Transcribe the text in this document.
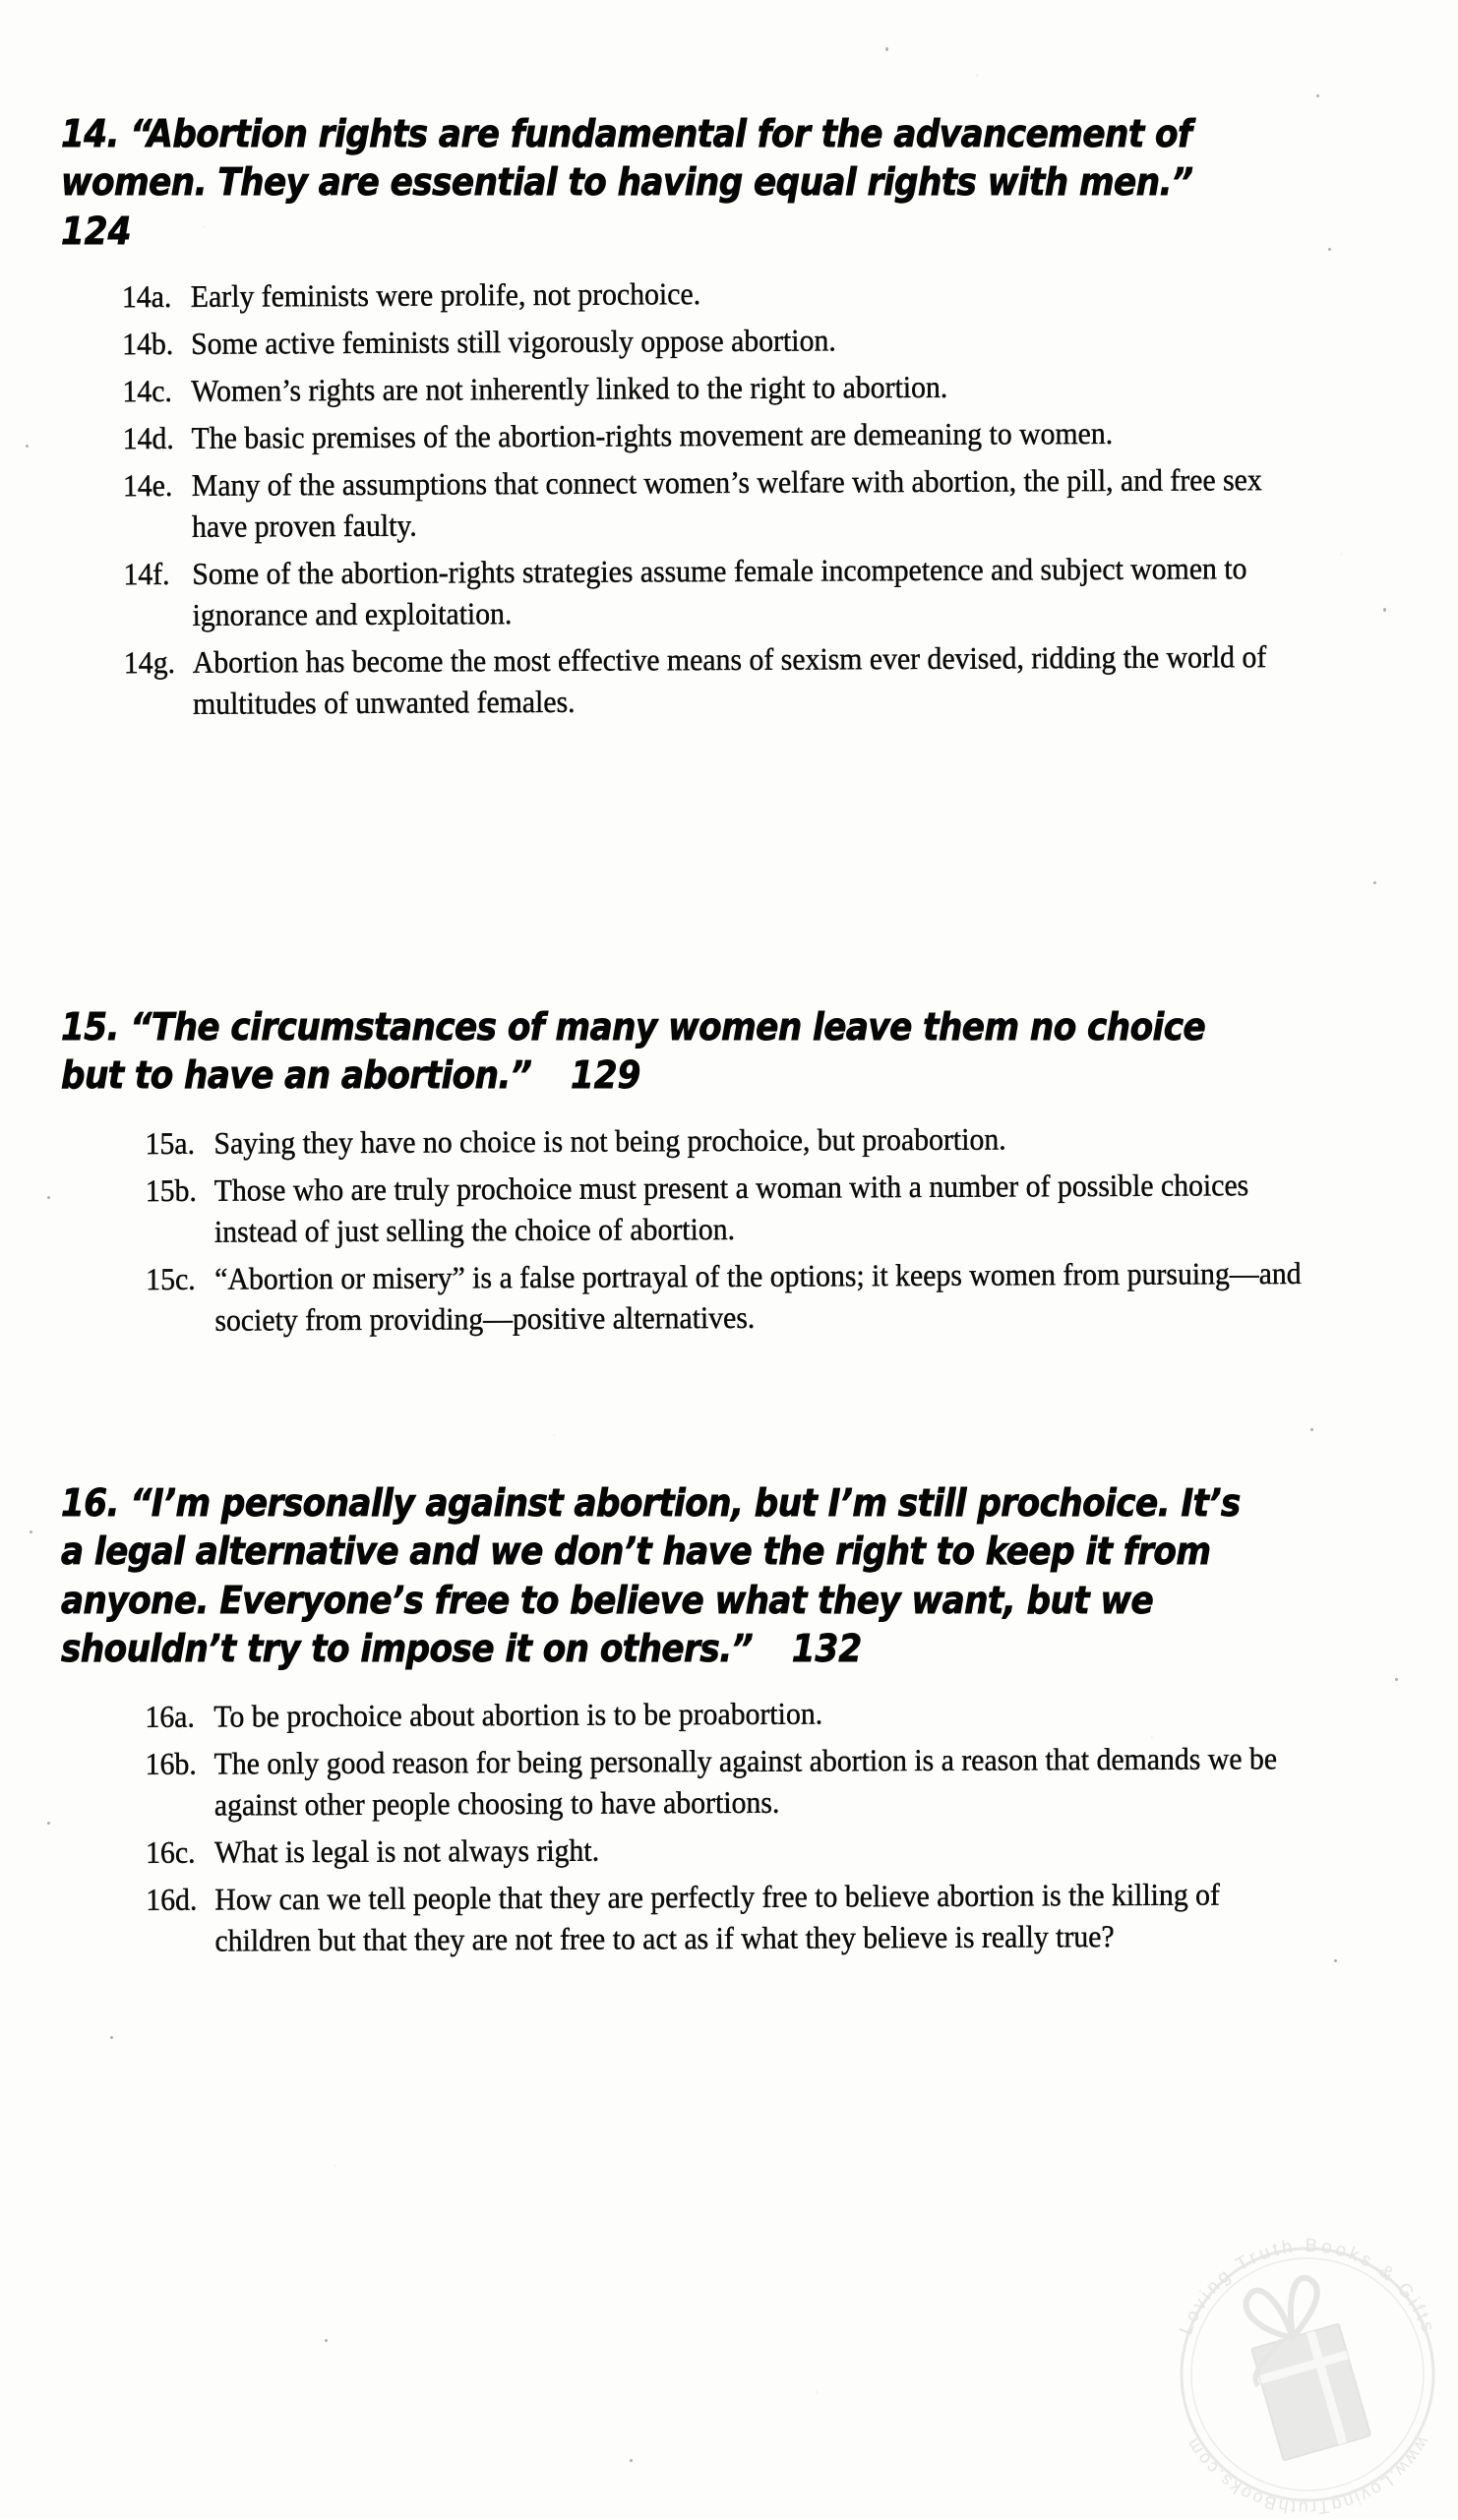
14. “Abortion rights are fundamental for the advancement of women. They are essential to having equal rights with men.”124
14a. Early feminists were prolife, not prochoice.
14b. Some active feminists still vigorously oppose abortion.
14c. Women’s rights are not inherently linked to the right to abortion.
14d. The basic premises of the abortion-rights movement are demeaning to women.
14e. Many of the assumptions that connect women’s welfare with abortion, the pill, and free sex have proven faulty.
14f. Some of the abortion-rights strategies assume female incompetence and subject women to ignorance and exploitation.
14g. Abortion has become the most effective means of sexism ever devised, ridding the world of multitudes of unwanted females.
15. “The circumstances of many women leave them no choice but to have an abortion.” 129
15a. Saying they have no choice is not being prochoice, but proabortion.
15b. Those who are truly prochoice must present a woman with a number of possible choices instead of just selling the choice of abortion.
15c. “Abortion or misery” is a false portrayal of the options; it keeps women from pursuing—and society from providing—positive alternatives.
16. “I’m personally against abortion, but I’m still prochoice. It’s a legal alternative and we don’t have the right to keep it from anyone. Everyone’s free to believe what they want, but we shouldn’t try to impose it on others.” 132
16a. To be prochoice about abortion is to be proabortion.
16b. The only good reason for being personally against abortion is a reason that demands we be against other people choosing to have abortions.
16c. What is legal is not always right.
16d. How can we tell people that they are perfectly free to believe abortion is the killing of children but that they are not free to act as if what they believe is really true?
Loving Truth Books & Gifts
www.LovingTruthBooks.com
